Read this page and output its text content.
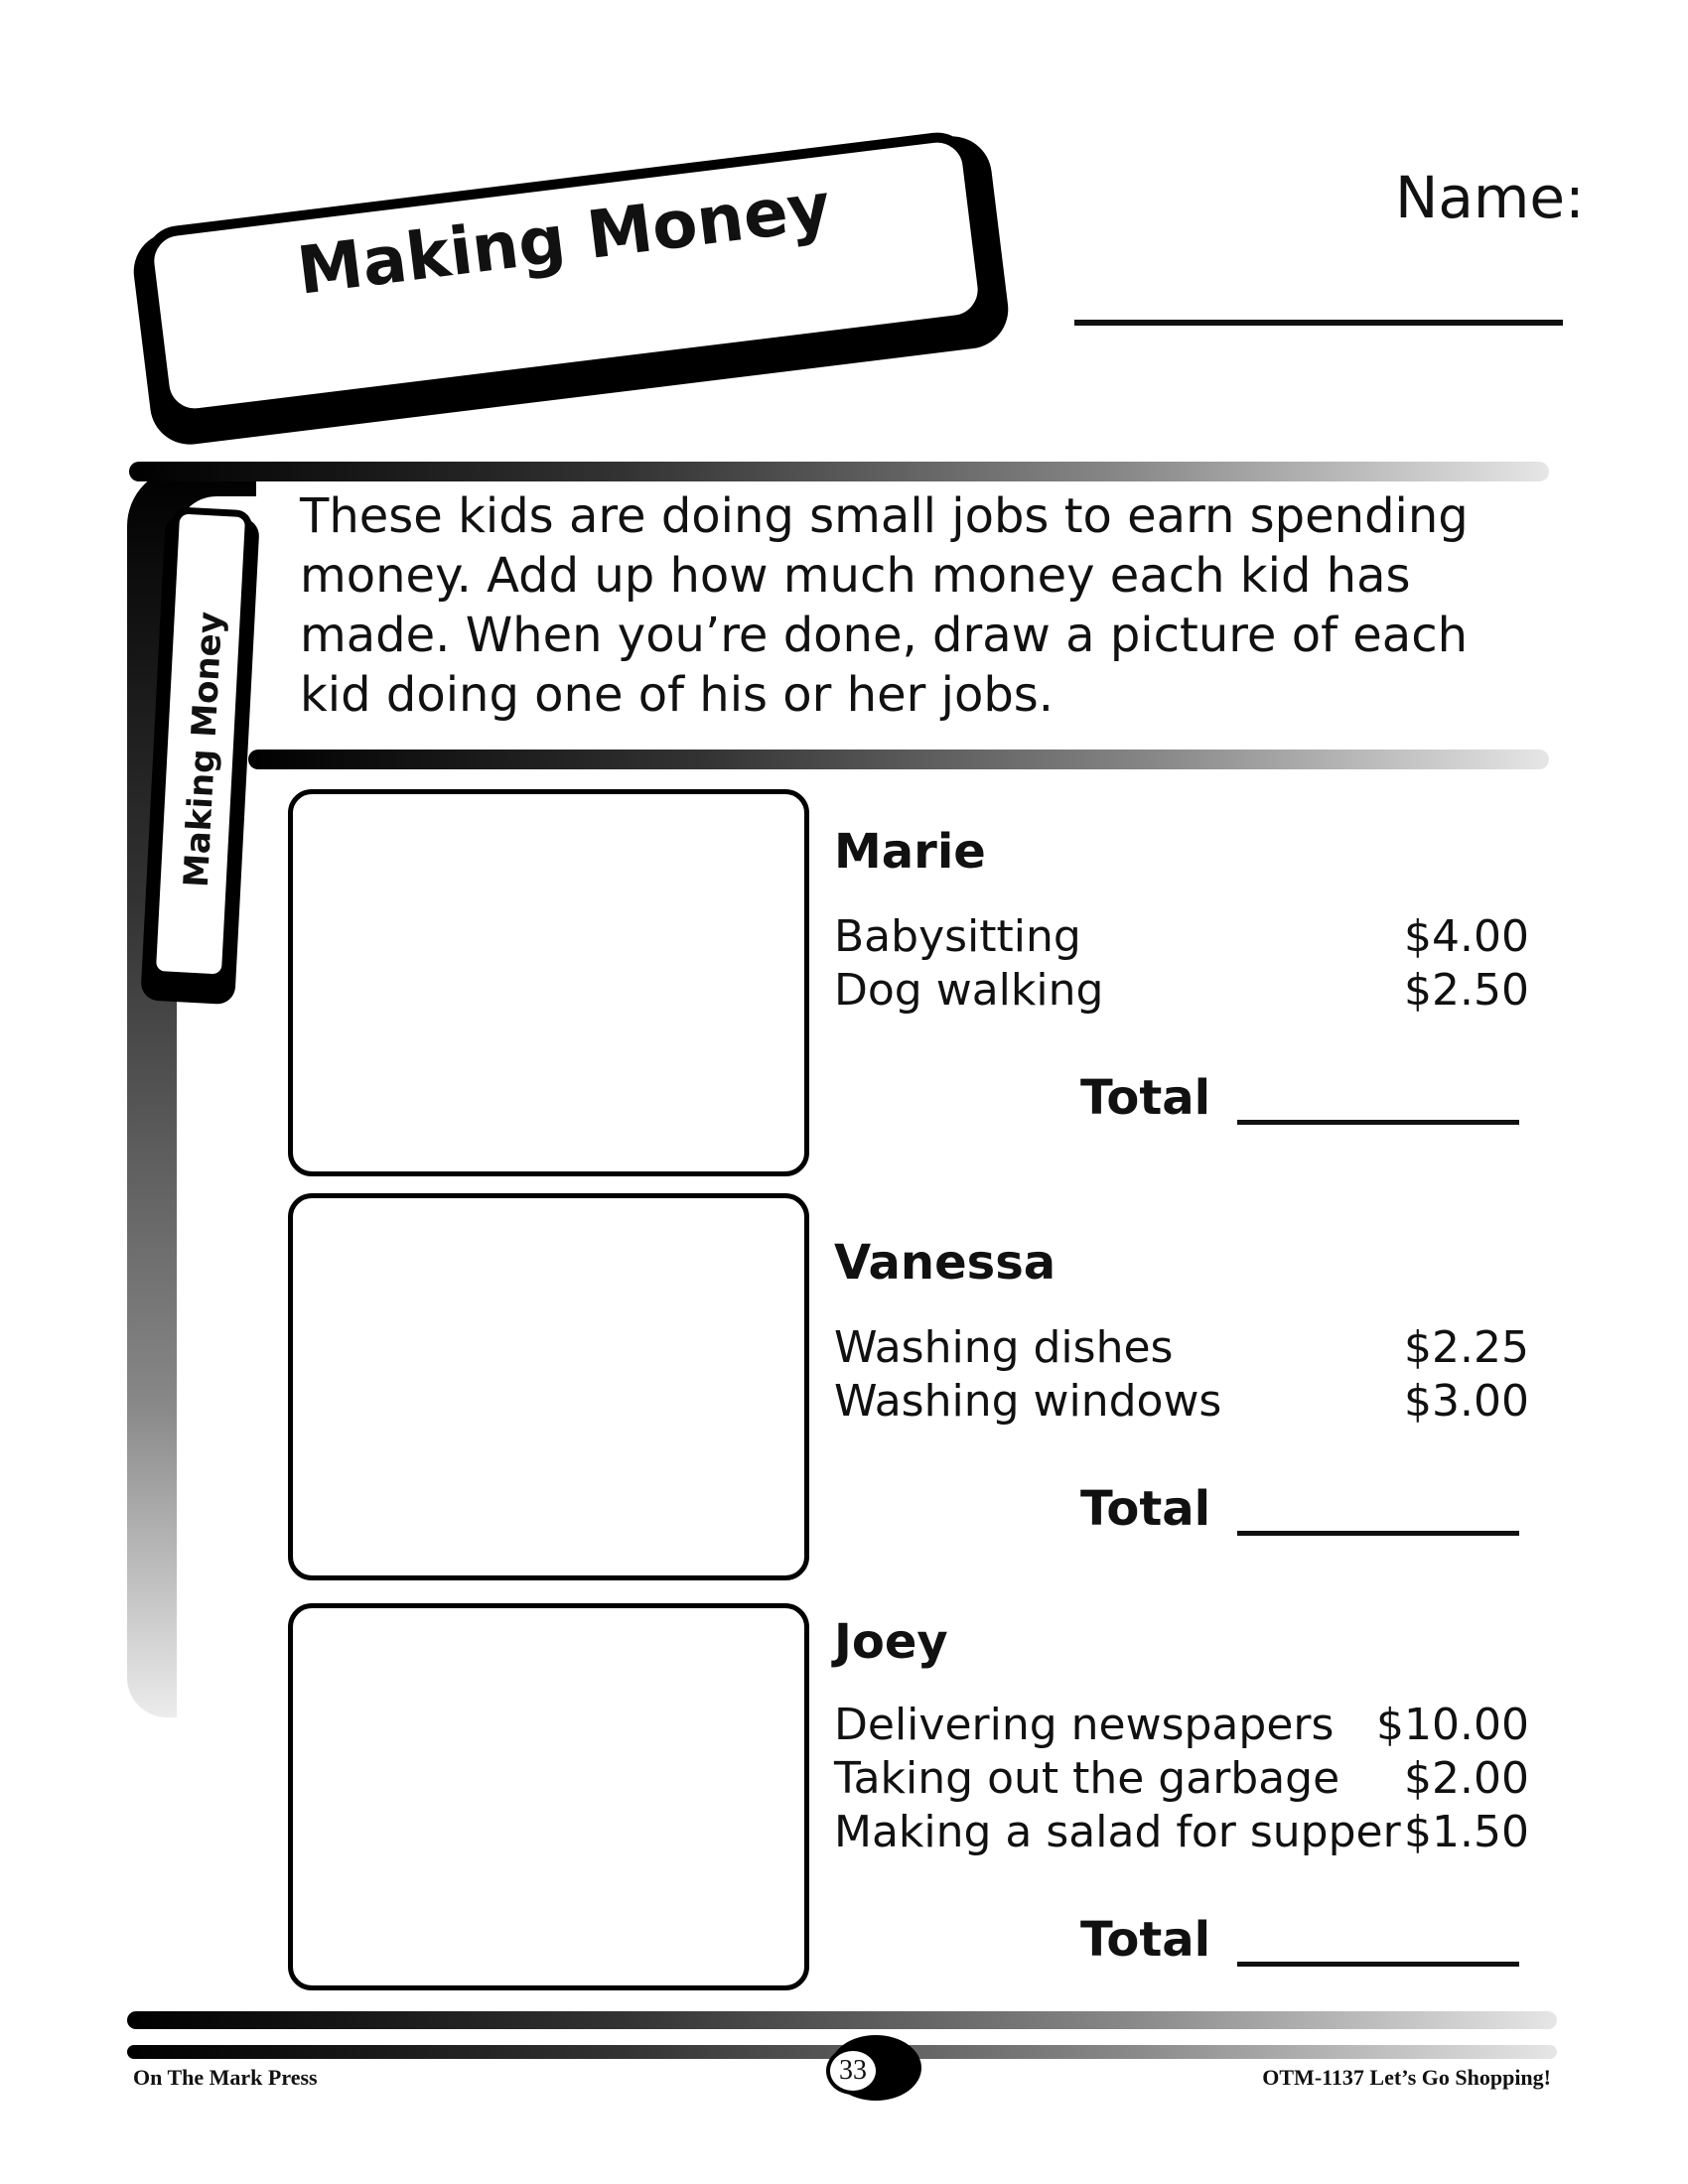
Making Money	Name:
Making Money
These kids are doing small jobs to earn spending money. Add up how much money each kid has made. When you’re done, draw a picture of each kid doing one of his or her jobs.
Marie
Babysitting	$4.00
Dog walking	$2.50
Total
Vanessa
Washing dishes	$2.25
Washing windows	$3.00
Total
Joey
Delivering newspapers $10.00
Taking out the garbage $2.00
Making a salad for supper $1.50
Total
On The Mark Press	33	OTM-1137 Let’s Go Shopping!
